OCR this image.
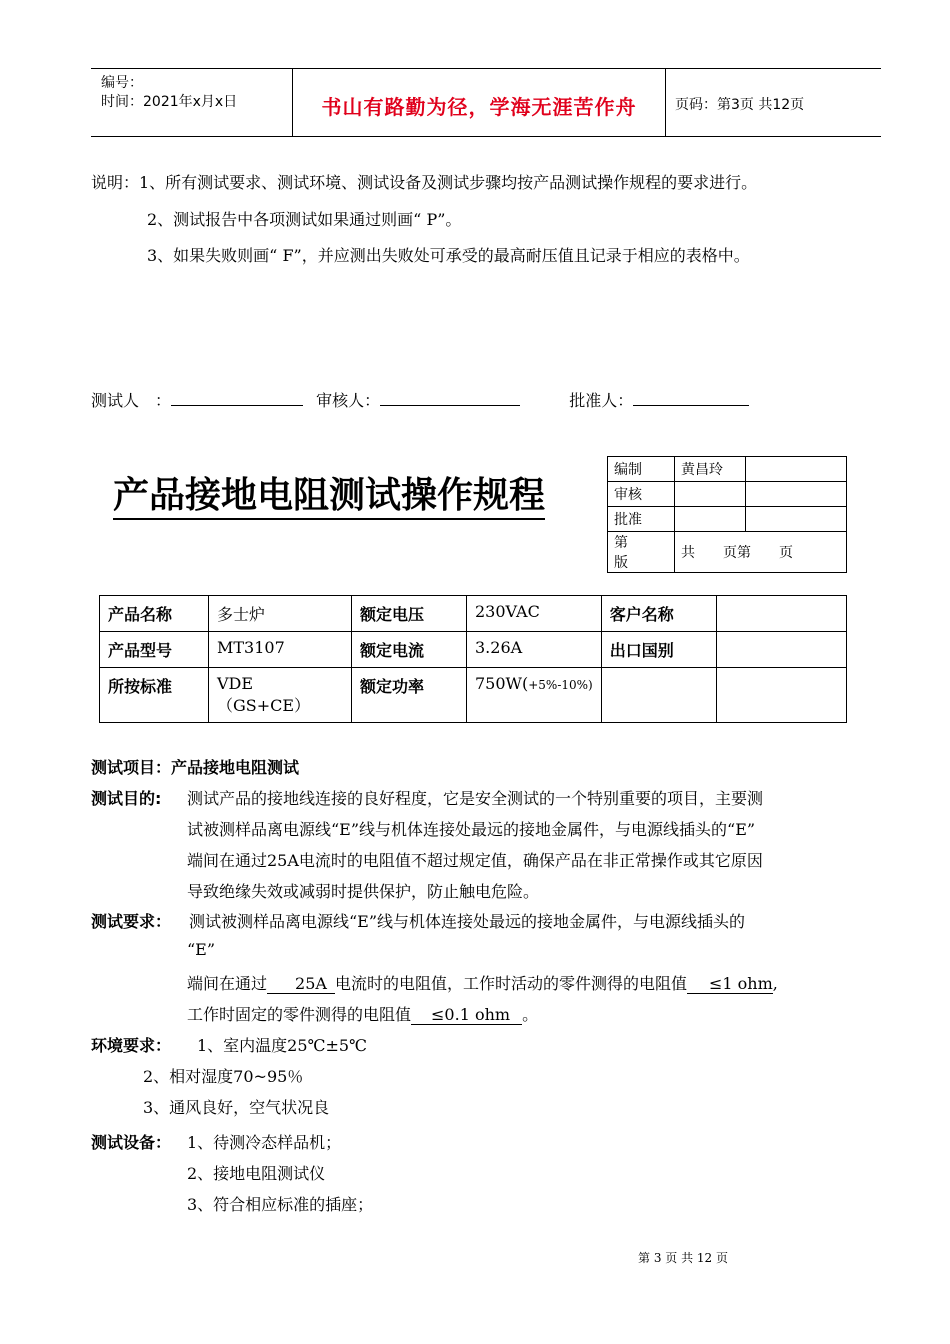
编号：
时间：2021年x月x日	书山有路勤为径，学海无涯苦作舟	页码：第3页 共12页
说明：1、所有测试要求、测试环境、测试设备及测试步骤均按产品测试操作规程的要求进行。
2、测试报告中各项测试如果通过则画“ P”。
3、如果失败则画“ F”，并应测出失败处可承受的最高耐压值且记录于相应的表格中。
测试人　：	审核人：	批准人：
产品接地电阻测试操作规程
编制	黄昌玲	
审核		
批准		
第　　版	共　　页第　　页	
产品名称	多士炉	额定电压	230VAC	客户名称	
产品型号	MT3107	额定电流	3.26A	出口国别	
所按标准	VDE （GS+CE）	额定功率	750W(+5%-10%)		
测试项目：产品接地电阻测试
测试目的: 测试产品的接地线连接的良好程度，它是安全测试的一个特别重要的项目，主要测
试被测样品离电源线“E”线与机体连接处最远的接地金属件，与电源线插头的“E”
端间在通过25A电流时的电阻值不超过规定值，确保产品在非正常操作或其它原因
导致绝缘失效或减弱时提供保护，防止触电危险。
测试要求： 测试被测样品离电源线“E”线与机体连接处最远的接地金属件，与电源线插头的
“E”
端间在通过 25A 电流时的电阻值，工作时活动的零件测得的电阻值 ≤1 ohm,
工作时固定的零件测得的电阻值 ≤0.1 ohm 。
环境要求： 1、室内温度25℃±5℃
2、相对湿度70~95％
3、通风良好，空气状况良
测试设备： 1、待测冷态样品机；
2、接地电阻测试仪
3、符合相应标准的插座；
第 3 页 共 12 页
